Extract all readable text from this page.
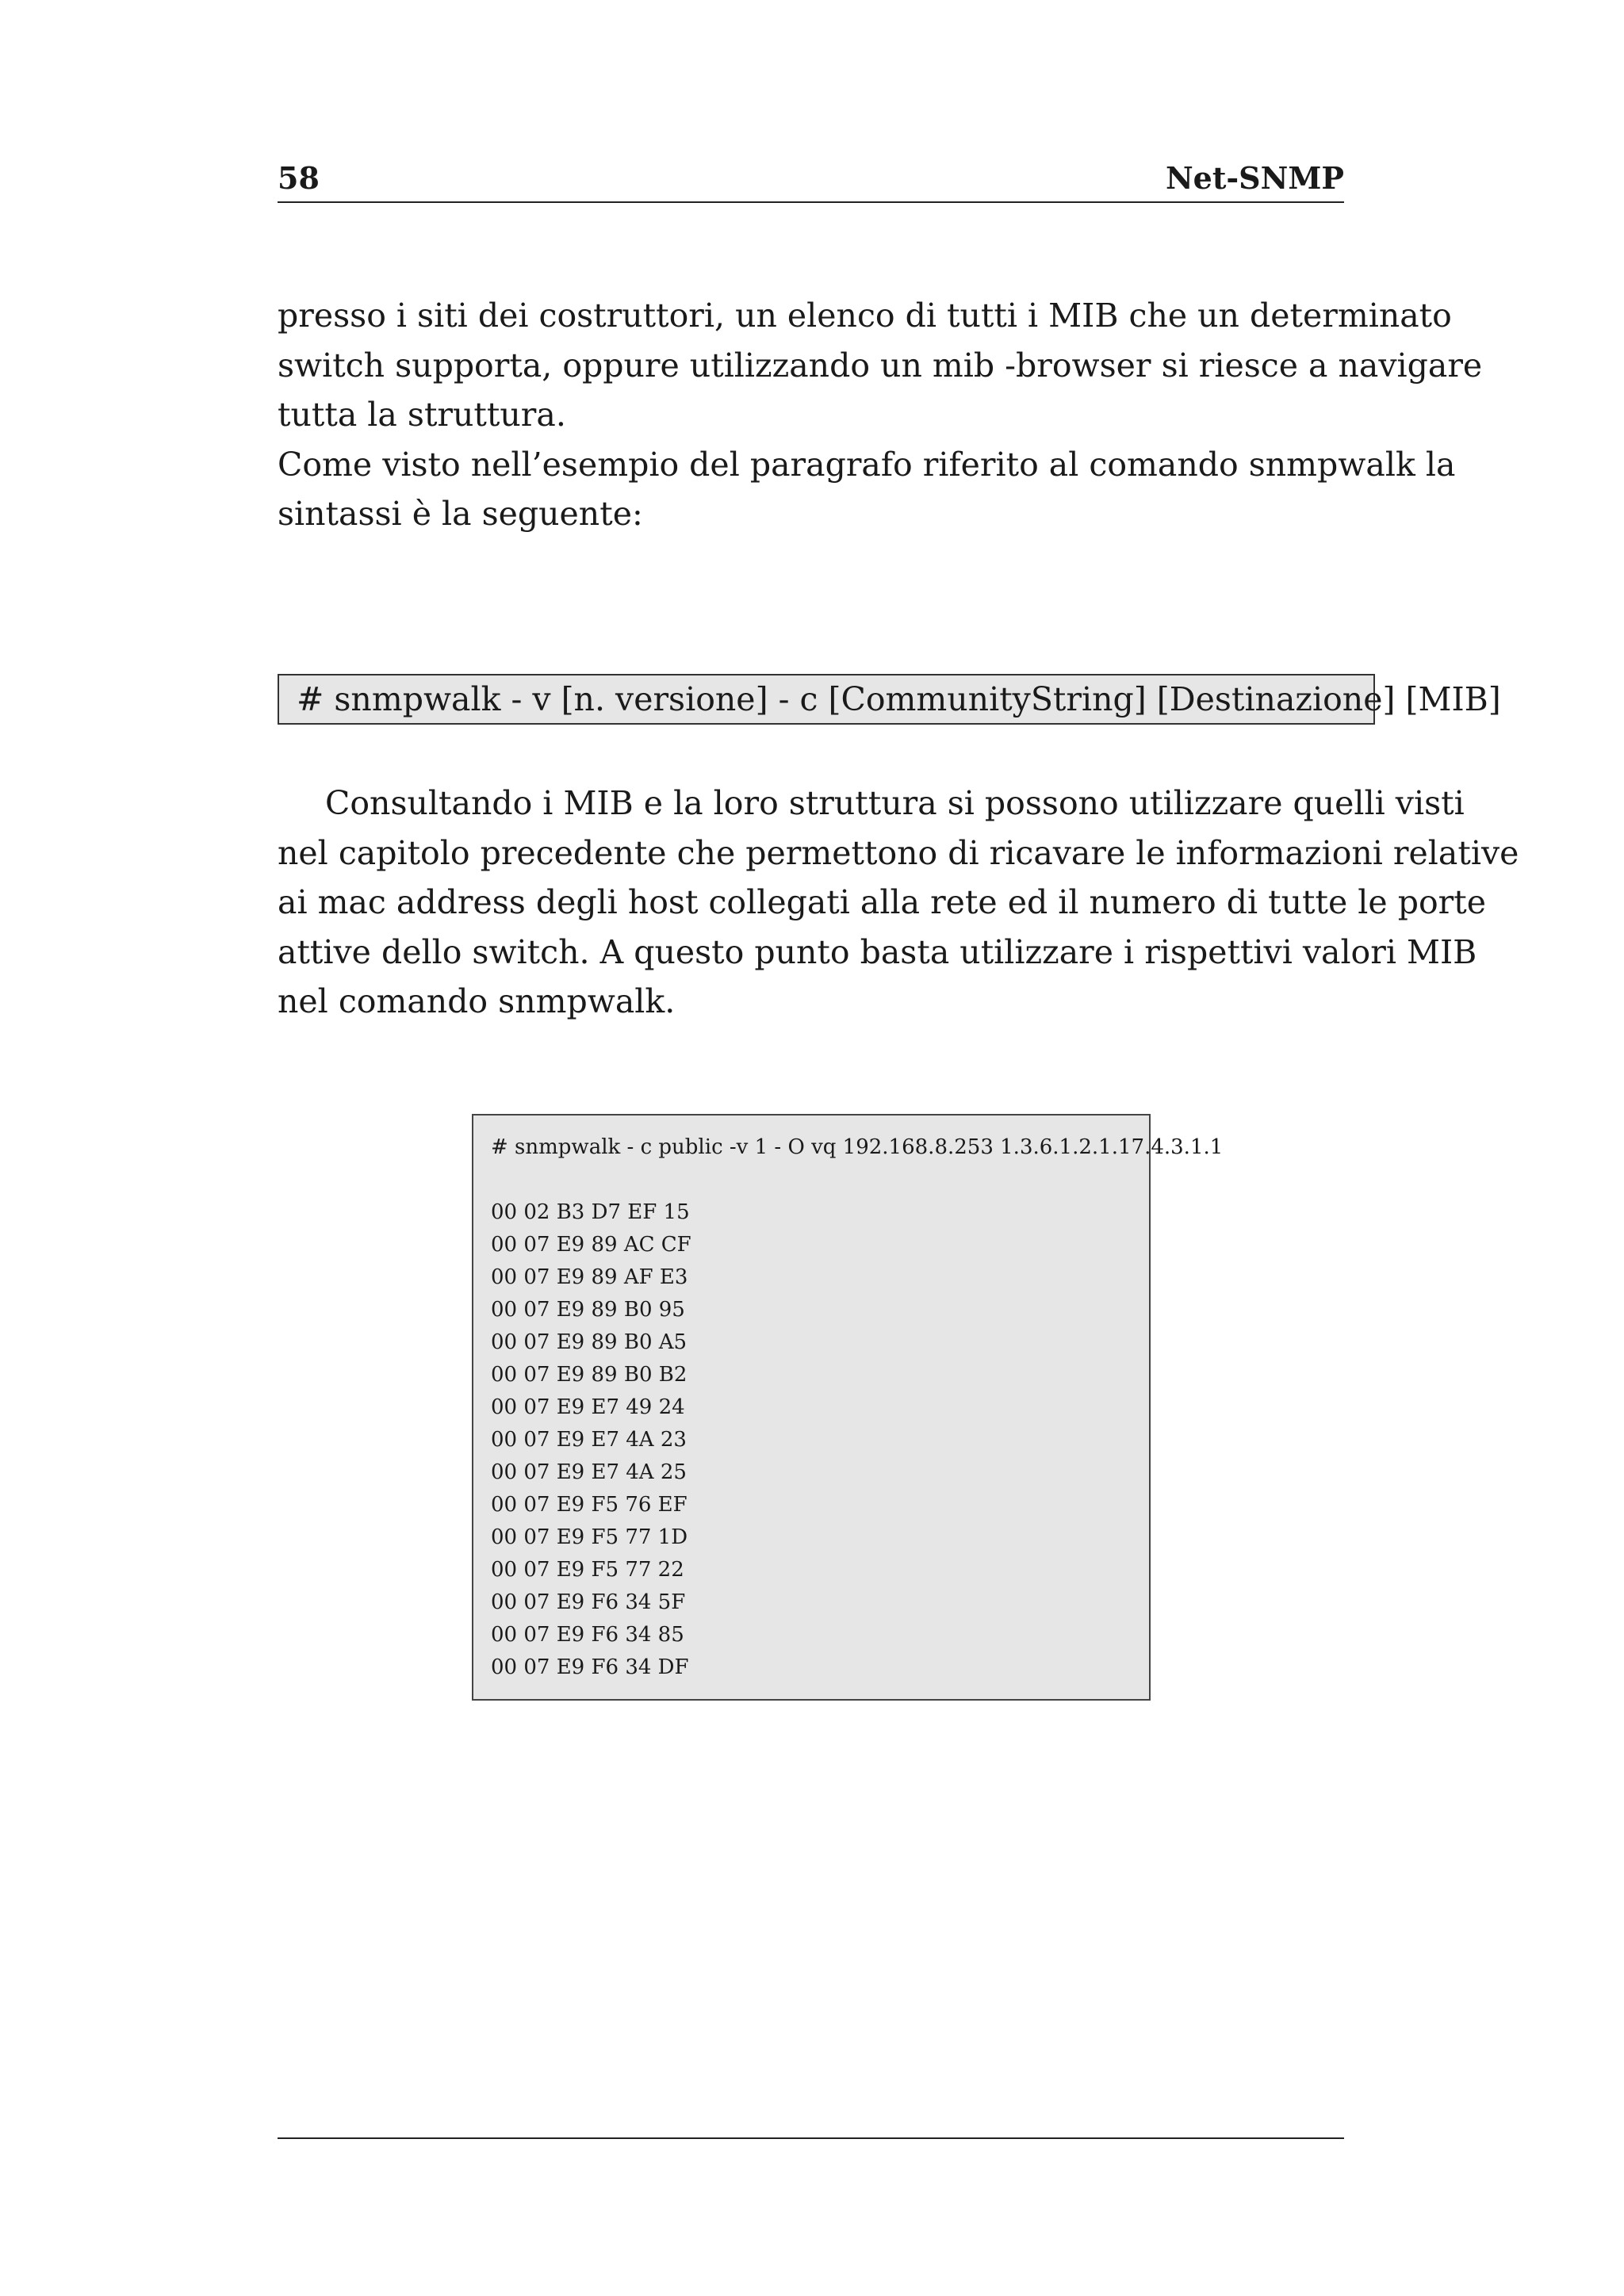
58	Net-SNMP

presso i siti dei costruttori, un elenco di tutti i MIB che un determinato
switch supporta, oppure utilizzando un mib -browser si riesce a navigare
tutta la struttura.
Come visto nell’esempio del paragrafo riferito al comando snmpwalk la
sintassi è la seguente:

# snmpwalk - v [n. versione] - c [CommunityString] [Destinazione] [MIB]

Consultando i MIB e la loro struttura si possono utilizzare quelli visti
nel capitolo precedente che permettono di ricavare le informazioni relative
ai mac address degli host collegati alla rete ed il numero di tutte le porte
attive dello switch. A questo punto basta utilizzare i rispettivi valori MIB
nel comando snmpwalk.

# snmpwalk - c public -v 1 - O vq 192.168.8.253 1.3.6.1.2.1.17.4.3.1.1
00 02 B3 D7 EF 15
00 07 E9 89 AC CF
00 07 E9 89 AF E3
00 07 E9 89 B0 95
00 07 E9 89 B0 A5
00 07 E9 89 B0 B2
00 07 E9 E7 49 24
00 07 E9 E7 4A 23
00 07 E9 E7 4A 25
00 07 E9 F5 76 EF
00 07 E9 F5 77 1D
00 07 E9 F5 77 22
00 07 E9 F6 34 5F
00 07 E9 F6 34 85
00 07 E9 F6 34 DF
